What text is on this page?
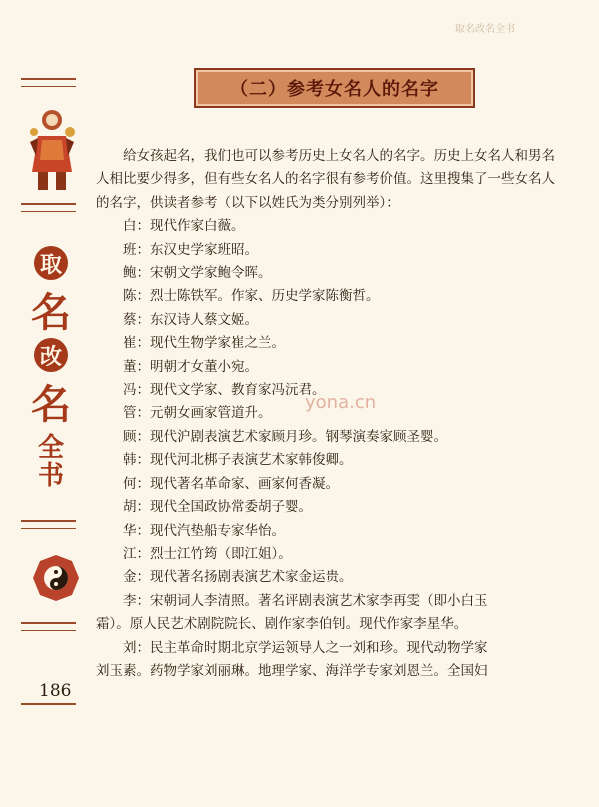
取名改名全书
取
名
改
名
全
书
186
（二）参考女名人的名字

给女孩起名，我们也可以参考历史上女名人的名字。历史上女名人和男名人相比要少得多，但有些女名人的名字很有参考价值。这里搜集了一些女名人的名字，供读者参考（以下以姓氏为类分别列举）：

白：现代作家白薇。

班：东汉史学家班昭。

鲍：宋朝文学家鲍令晖。

陈：烈士陈铁军。作家、历史学家陈衡哲。

蔡：东汉诗人蔡文姬。

崔：现代生物学家崔之兰。

董：明朝才女董小宛。

冯：现代文学家、教育家冯沅君。

管：元朝女画家管道升。

顾：现代沪剧表演艺术家顾月珍。钢琴演奏家顾圣婴。

韩：现代河北梆子表演艺术家韩俊卿。

何：现代著名革命家、画家何香凝。

胡：现代全国政协常委胡子婴。

华：现代汽垫船专家华怡。

江：烈士江竹筠（即江姐）。

金：现代著名扬剧表演艺术家金运贵。

李：宋朝词人李清照。著名评剧表演艺术家李再雯（即小白玉
霜）。原人民艺术剧院院长、剧作家李伯钊。现代作家李星华。

刘：民主革命时期北京学运领导人之一刘和珍。现代动物学家
刘玉素。药物学家刘丽琳。地理学家、海洋学专家刘恩兰。全国妇

yona.cn
